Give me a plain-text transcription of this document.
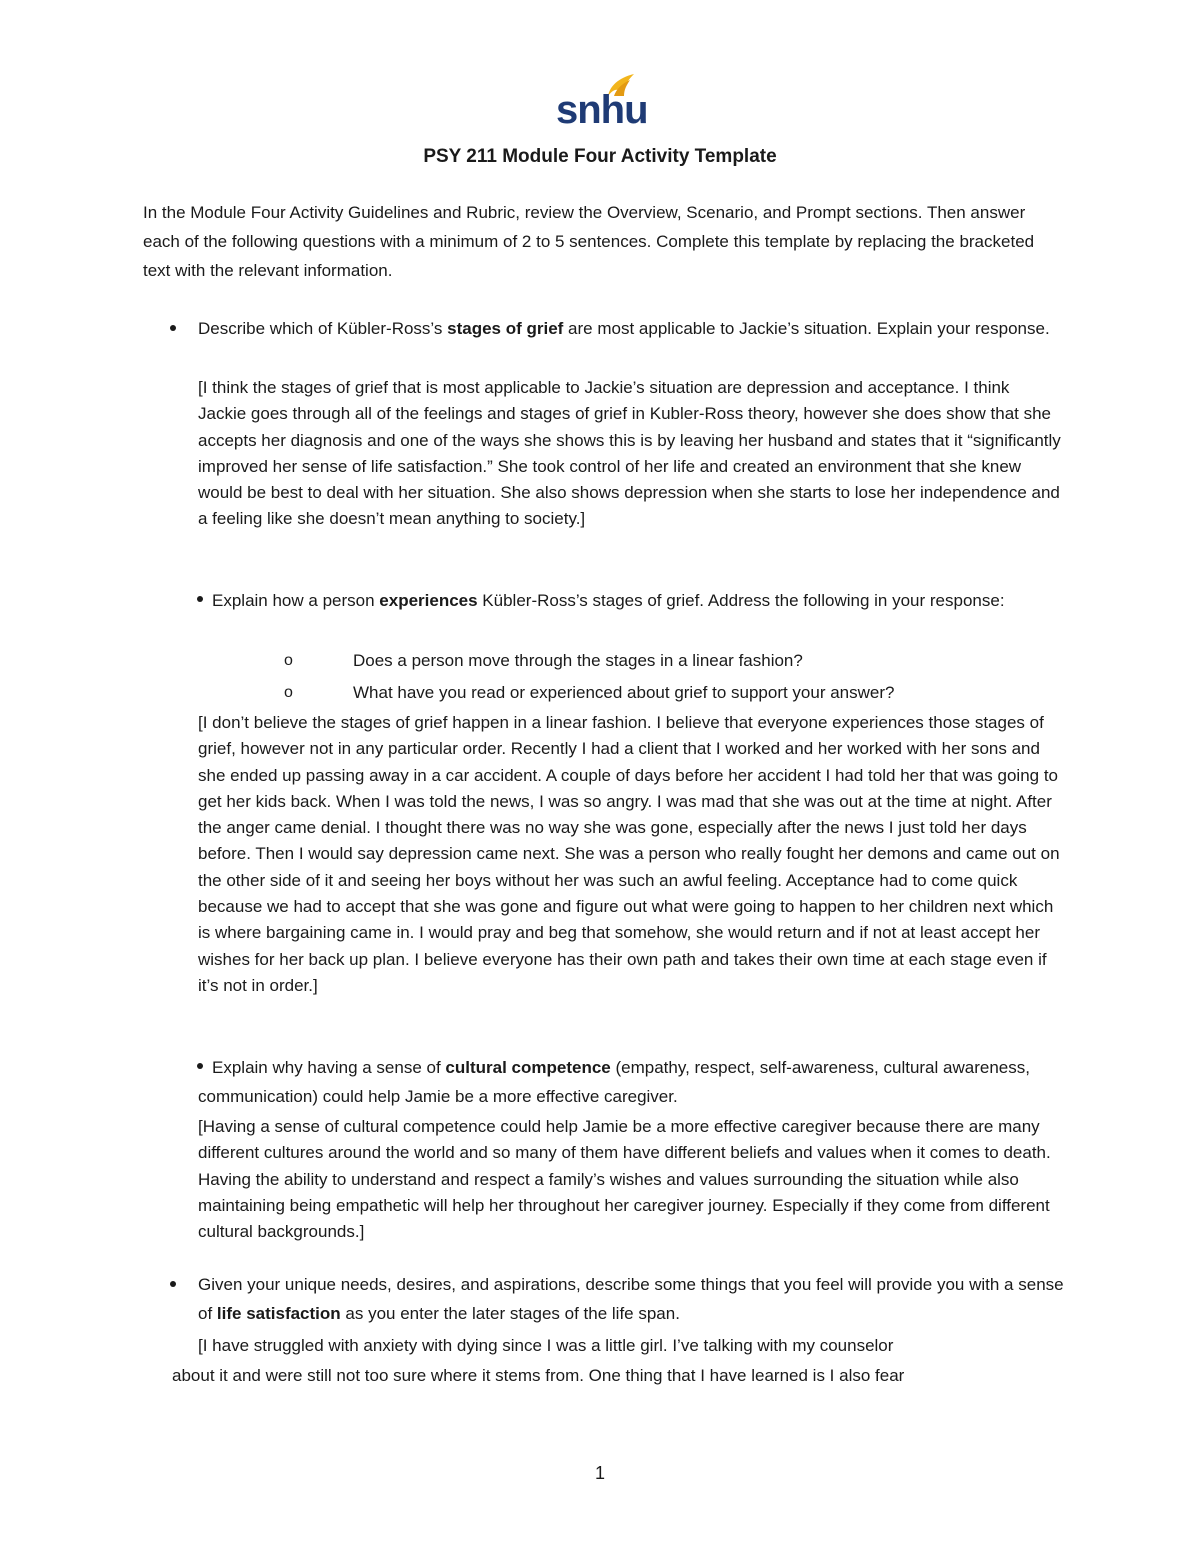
snhu
PSY 211 Module Four Activity Template
In the Module Four Activity Guidelines and Rubric, review the Overview, Scenario, and Prompt sections. Then answer each of the following questions with a minimum of 2 to 5 sentences. Complete this template by replacing the bracketed text with the relevant information.
Describe which of Kübler-Ross’s stages of grief are most applicable to Jackie’s situation. Explain your response.
[I think the stages of grief that is most applicable to Jackie’s situation are depression and acceptance. I think Jackie goes through all of the feelings and stages of grief in Kubler-Ross theory, however she does show that she accepts her diagnosis and one of the ways she shows this is by leaving her husband and states that it “significantly improved her sense of life satisfaction.” She took control of her life and created an environment that she knew would be best to deal with her situation. She also shows depression when she starts to lose her independence and a feeling like she doesn’t mean anything to society.]
Explain how a person experiences Kübler-Ross’s stages of grief. Address the following in your response:
o	Does a person move through the stages in a linear fashion?
o	What have you read or experienced about grief to support your answer?
[I don’t believe the stages of grief happen in a linear fashion. I believe that everyone experiences those stages of grief, however not in any particular order. Recently I had a client that I worked and her worked with her sons and she ended up passing away in a car accident. A couple of days before her accident I had told her that was going to get her kids back. When I was told the news, I was so angry. I was mad that she was out at the time at night. After the anger came denial. I thought there was no way she was gone, especially after the news I just told her days before. Then I would say depression came next. She was a person who really fought her demons and came out on the other side of it and seeing her boys without her was such an awful feeling. Acceptance had to come quick because we had to accept that she was gone and figure out what were going to happen to her children next which is where bargaining came in. I would pray and beg that somehow, she would return and if not at least accept her wishes for her back up plan. I believe everyone has their own path and takes their own time at each stage even if it’s not in order.]
Explain why having a sense of cultural competence (empathy, respect, self-awareness, cultural awareness, communication) could help Jamie be a more effective caregiver.
[Having a sense of cultural competence could help Jamie be a more effective caregiver because there are many different cultures around the world and so many of them have different beliefs and values when it comes to death. Having the ability to understand and respect a family’s wishes and values surrounding the situation while also maintaining being empathetic will help her throughout her caregiver journey. Especially if they come from different cultural backgrounds.]
Given your unique needs, desires, and aspirations, describe some things that you feel will provide you with a sense of life satisfaction as you enter the later stages of the life span.
[I have struggled with anxiety with dying since I was a little girl. I’ve talking with my counselor
about it and were still not too sure where it stems from. One thing that I have learned is I also fear
1
